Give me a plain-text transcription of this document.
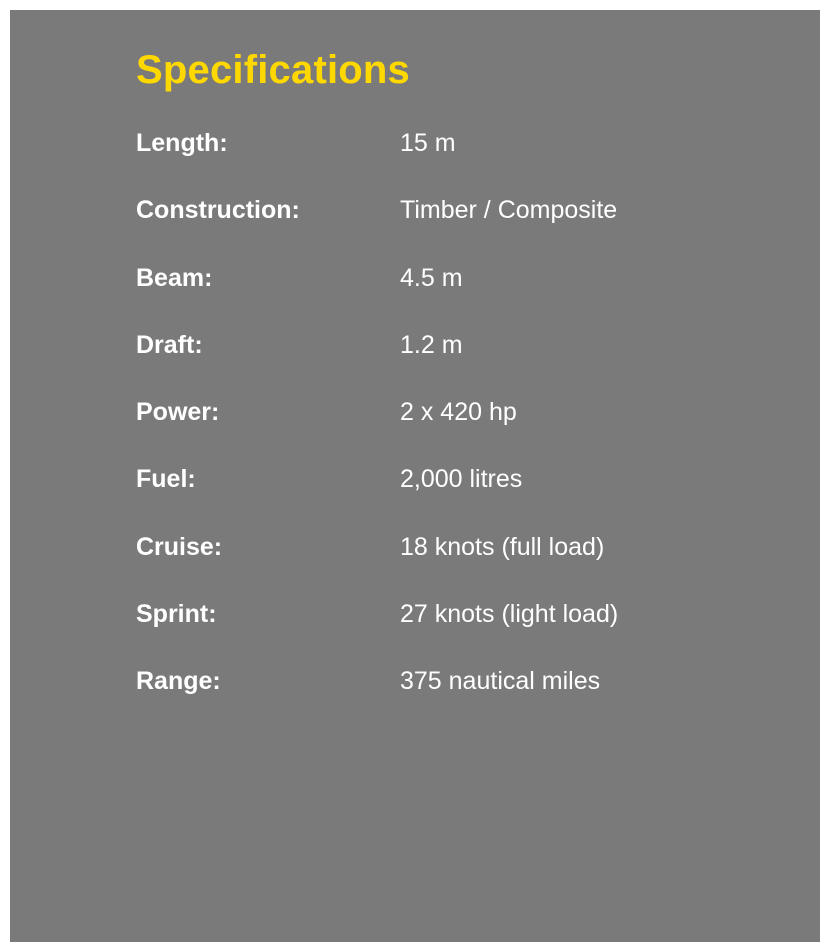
Specifications
Length:	15 m
Construction:	Timber / Composite
Beam:	4.5 m
Draft:	1.2 m
Power:	2 x 420 hp
Fuel:	2,000 litres
Cruise:	18 knots (full load)
Sprint:	27 knots (light load)
Range:	375 nautical miles
